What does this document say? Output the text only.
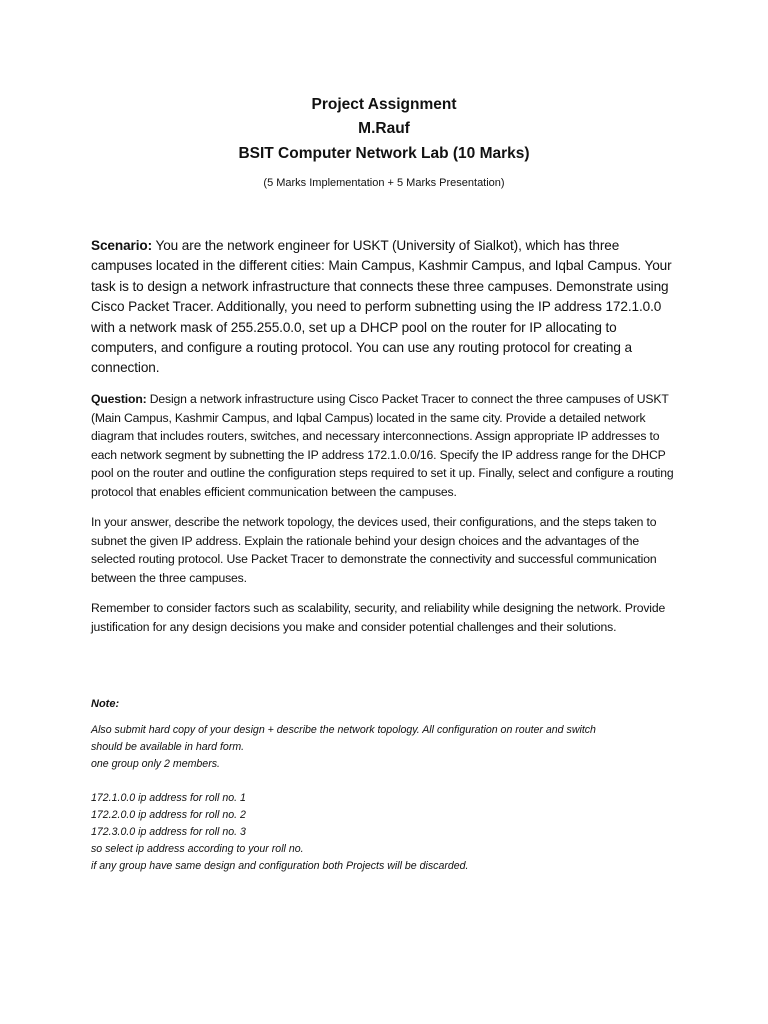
Project Assignment
M.Rauf
BSIT Computer Network Lab (10 Marks)
(5 Marks Implementation + 5 Marks Presentation)

Scenario: You are the network engineer for USKT (University of Sialkot), which has three campuses located in the different cities: Main Campus, Kashmir Campus, and Iqbal Campus. Your task is to design a network infrastructure that connects these three campuses. Demonstrate using Cisco Packet Tracer. Additionally, you need to perform subnetting using the IP address 172.1.0.0 with a network mask of 255.255.0.0, set up a DHCP pool on the router for IP allocating to computers, and configure a routing protocol. You can use any routing protocol for creating a connection.

Question: Design a network infrastructure using Cisco Packet Tracer to connect the three campuses of USKT (Main Campus, Kashmir Campus, and Iqbal Campus) located in the same city. Provide a detailed network diagram that includes routers, switches, and necessary interconnections. Assign appropriate IP addresses to each network segment by subnetting the IP address 172.1.0.0/16. Specify the IP address range for the DHCP pool on the router and outline the configuration steps required to set it up. Finally, select and configure a routing protocol that enables efficient communication between the campuses.

In your answer, describe the network topology, the devices used, their configurations, and the steps taken to subnet the given IP address. Explain the rationale behind your design choices and the advantages of the selected routing protocol. Use Packet Tracer to demonstrate the connectivity and successful communication between the three campuses.

Remember to consider factors such as scalability, security, and reliability while designing the network. Provide justification for any design decisions you make and consider potential challenges and their solutions.

Note:
Also submit hard copy of your design + describe the network topology. All configuration on router and switch
should be available in hard form.
one group only 2 members.
172.1.0.0 ip address for roll no. 1
172.2.0.0 ip address for roll no. 2
172.3.0.0 ip address for roll no. 3
so select ip address according to your roll no.
if any group have same design and configuration both Projects will be discarded.
